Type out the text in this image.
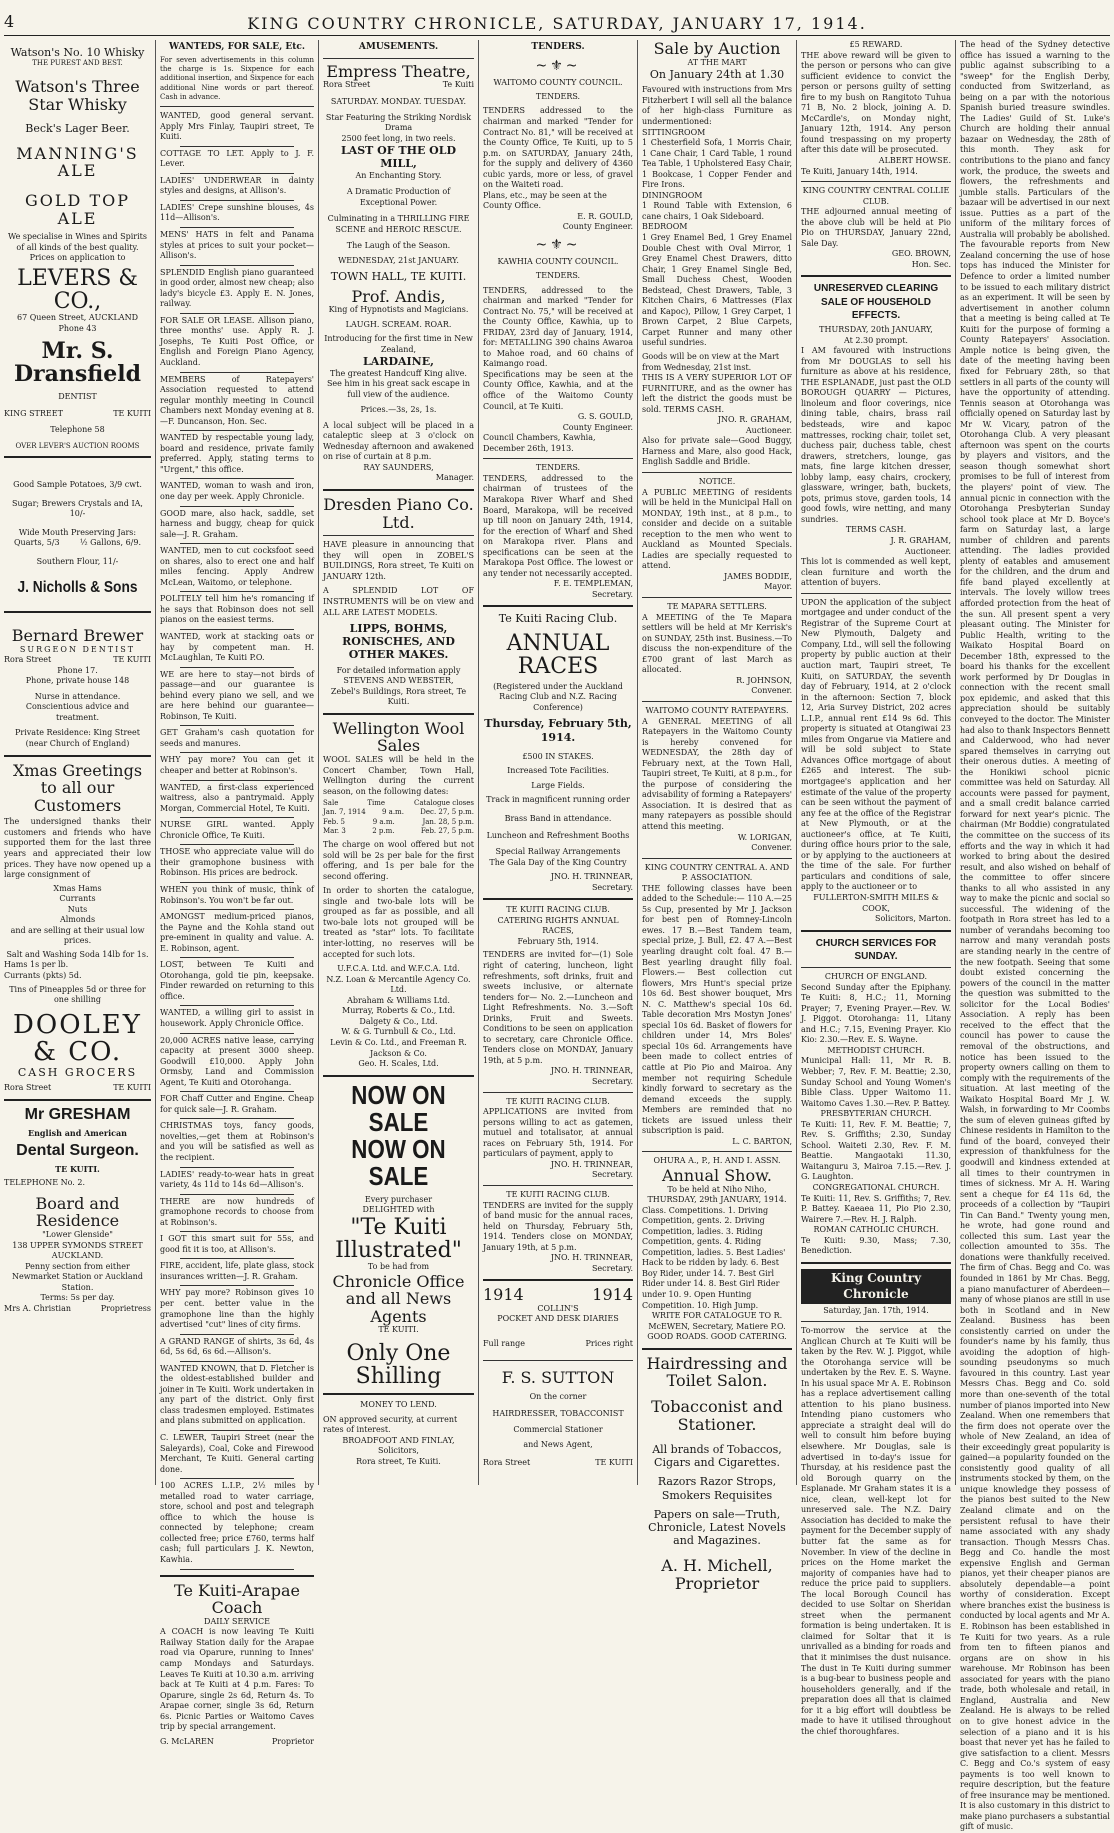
4	KING COUNTRY CHRONICLE, SATURDAY, JANUARY 17, 1914.
Watson's No. 10 Whisky
THE PUREST AND BEST.
Watson's Three Star Whisky
Beck's Lager Beer.
MANNING'S ALE
GOLD TOP ALE
We specialise in Wines and Spirits of all kinds of the best quality.
Prices on application to
LEVERS & CO.,
67 Queen Street, AUCKLAND
Phone 43
Mr. S. Dransfield
DENTIST
KING STREET	TE KUITI
Telephone 58
OVER LEVER'S AUCTION ROOMS
Good Sample Potatoes, 3/9 cwt.
Sugar; Brewers Crystals and IA, 10/-
Wide Mouth Preserving Jars:
Quarts, 5/3	½ Gallons, 6/9.
Southern Flour, 11/-
J. Nicholls & Sons
Bernard Brewer
SURGEON DENTIST
Rora Street	TE KUITI
Phone 17.
Phone, private house 148
Nurse in attendance.
Conscientious advice and treatment.
Private Residence: King Street (near Church of England)
Xmas Greetings to all our Customers
The undersigned thanks their customers and friends who have supported them for the last three years and appreciated their low prices. They have now opened up a large consignment of
Xmas Hams
Currants
Nuts
Almonds
and are selling at their usual low prices.
Salt and Washing Soda 14lb for 1s.
Hams 1s per lb.
Currants (pkts) 5d.
Tins of Pineapples 5d or three for one shilling
DOOLEY & CO.
CASH GROCERS
Rora Street	TE KUITI
Mr GRESHAM
English and American
Dental Surgeon.
TE KUITI.
TELEPHONE No. 2.
Board and Residence
"Lower Glenside"
138 UPPER SYMONDS STREET AUCKLAND.
Penny section from either Newmarket Station or Auckland Station.
Terms: 5s per day.
Mrs A. Christian	Proprietress
WANTEDS, FOR SALE, Etc.
For seven advertisements in this column the charge is 1s. Sixpence for each additional insertion, and Sixpence for each additional Nine words or part thereof. Cash in advance.

WANTED, good general servant. Apply Mrs Finlay, Taupiri street, Te Kuiti.

COTTAGE TO LET. Apply to J. F. Lever.

LADIES' UNDERWEAR in dainty styles and designs, at Allison's.

LADIES' Crepe sunshine blouses, 4s 11d—Allison's.

MENS' HATS in felt and Panama styles at prices to suit your pocket—Allison's.

SPLENDID English piano guaranteed in good order, almost new cheap; also lady's bicycle £3. Apply E. N. Jones, railway.

FOR SALE OR LEASE. Allison piano, three months' use. Apply R. J. Josephs, Te Kuiti Post Office, or English and Foreign Piano Agency, Auckland.

MEMBERS of Ratepayers' Association requested to attend regular monthly meeting in Council Chambers next Monday evening at 8.—F. Duncanson, Hon. Sec.

WANTED by respectable young lady, board and residence, private family preferred. Apply, stating terms to "Urgent," this office.

WANTED, woman to wash and iron, one day per week. Apply Chronicle.

GOOD mare, also hack, saddle, set harness and buggy, cheap for quick sale—J. R. Graham.

WANTED, men to cut cocksfoot seed on shares, also to erect one and half miles fencing. Apply Andrew McLean, Waitomo, or telephone.

POLITELY tell him he's romancing if he says that Robinson does not sell pianos on the easiest terms.

WANTED, work at stacking oats or hay by competent man. H. McLaughlan, Te Kuiti P.O.

WE are here to stay—not birds of passage—and our guarantee is behind every piano we sell, and we are here behind our guarantee—Robinson, Te Kuiti.

GET Graham's cash quotation for seeds and manures.

WHY pay more? You can get it cheaper and better at Robinson's.

WANTED, a first-class experienced waitress, also a pantrymaid. Apply Morgan, Commercial Hotel, Te Kuiti.

NURSE GIRL wanted. Apply Chronicle Office, Te Kuiti.

THOSE who appreciate value will do their gramophone business with Robinson. His prices are bedrock.

WHEN you think of music, think of Robinson's. You won't be far out.

AMONGST medium-priced pianos, the Payne and the Kohla stand out pre-eminent in quality and value. A. E. Robinson, agent.

LOST, between Te Kuiti and Otorohanga, gold tie pin, keepsake. Finder rewarded on returning to this office.

WANTED, a willing girl to assist in housework. Apply Chronicle Office.

20,000 ACRES native lease, carrying capacity at present 3000 sheep. Goodwill £10,000. Apply John Ormsby, Land and Commission Agent, Te Kuiti and Otorohanga.

FOR Chaff Cutter and Engine. Cheap for quick sale—J. R. Graham.

CHRISTMAS toys, fancy goods, novelties,—get them at Robinson's and you will be satisfied as well as the recipient.

LADIES' ready-to-wear hats in great variety, 4s 11d to 14s 6d—Allison's.

THERE are now hundreds of gramophone records to choose from at Robinson's.

I GOT this smart suit for 55s, and good fit it is too, at Allison's.

FIRE, accident, life, plate glass, stock insurances written—J. R. Graham.

WHY pay more? Robinson gives 10 per cent. better value in the gramophone line than the highly advertised "cut" lines of city firms.

A GRAND RANGE of shirts, 3s 6d, 4s 6d, 5s 6d, 6s 6d.—Allison's.

WANTED KNOWN, that D. Fletcher is the oldest-established builder and joiner in Te Kuiti. Work undertaken in any part of the district. Only first class tradesmen employed. Estimates and plans submitted on application.

C. LEWER, Taupiri Street (near the Saleyards), Coal, Coke and Firewood Merchant, Te Kuiti. General carting done.

100 ACRES L.I.P., 2½ miles by metalled road to water carriage, store, school and post and telegraph office to which the house is connected by telephone; cream collected free; price £760, terms half cash; full particulars J. K. Newton, Kawhia.

Te Kuiti-Arapae Coach
DAILY SERVICE
A COACH is now leaving Te Kuiti Railway Station daily for the Arapae road via Oparure, running to Innes' camp Mondays and Saturdays. Leaves Te Kuiti at 10.30 a.m. arriving back at Te Kuiti at 4 p.m. Fares: To Oparure, single 2s 6d, Return 4s. To Arapae corner, single 3s 6d, Return 6s. Picnic Parties or Waitomo Caves trip by special arrangement.
G. McLAREN	Proprietor
AMUSEMENTS.
Empress Theatre,
Rora Street	Te Kuiti
SATURDAY. MONDAY. TUESDAY.
Star Featuring the Striking Nordisk Drama
2500 feet long, in two reels.
LAST OF THE OLD MILL,
An Enchanting Story.
A Dramatic Production of Exceptional Power.
Culminating in a THRILLING FIRE SCENE and HEROIC RESCUE.
The Laugh of the Season.
WEDNESDAY, 21st JANUARY.
TOWN HALL, TE KUITI.
Prof. Andis,
King of Hypnotists and Magicians.
LAUGH. SCREAM. ROAR.
Introducing for the first time in New Zealand,
LARDAINE,
The greatest Handcuff King alive. See him in his great sack escape in full view of the audience.
Prices.—3s, 2s, 1s.
A local subject will be placed in a cataleptic sleep at 3 o'clock on Wednesday afternoon and awakened on rise of curtain at 8 p.m.
RAY SAUNDERS,
Manager.
Dresden Piano Co. Ltd.
HAVE pleasure in announcing that they will open in ZOBEL'S BUILDINGS, Rora street, Te Kuiti on JANUARY 12th.
A SPLENDID LOT OF INSTRUMENTS will be on view and ALL ARE LATEST MODELS.
LIPPS, BOHMS, RONISCHES, AND OTHER MAKES.
For detailed information apply
STEVENS AND WEBSTER,
Zebel's Buildings, Rora street, Te Kuiti.
Wellington Wool Sales
WOOL SALES will be held in the Concert Chamber, Town Hall, Wellington during the current season, on the following dates:
Sale	Time	Catalogue closes
Jan. 7, 1914 9 a.m. Dec. 27, 5 p.m.
Feb. 5	9 a.m.	Jan. 28, 5 p.m.
Mar. 3	2 p.m.	Feb. 27, 5 p.m.
The charge on wool offered but not sold will be 2s per bale for the first offering, and 1s per bale for the second offering.
In order to shorten the catalogue, single and two-bale lots will be grouped as far as possible, and all two-bale lots not grouped will be treated as "star" lots. To facilitate inter-lotting, no reserves will be accepted for such lots.
U.F.C.A. Ltd. and W.F.C.A. Ltd.
N.Z. Loan & Mercantile Agency Co. Ltd.
Abraham & Williams Ltd.
Murray, Roberts & Co., Ltd.
Dalgety & Co., Ltd.
W. & G. Turnbull & Co., Ltd.
Levin & Co. Ltd., and Freeman R. Jackson & Co.
Geo. H. Scales, Ltd.
NOW ON SALE
NOW ON SALE
Every purchaser
DELIGHTED with
"Te Kuiti
Illustrated"
To be had from
Chronicle Office
and all News Agents
TE KUITI.
Only One Shilling
MONEY TO LEND.
ON approved security, at current rates of interest.
BROADFOOT AND FINLAY,
Solicitors,
Rora street, Te Kuiti.
TENDERS.
~⚜~
WAITOMO COUNTY COUNCIL.
TENDERS.
TENDERS addressed to the chairman and marked "Tender for Contract No. 81," will be received at the County Office, Te Kuiti, up to 5 p.m. on SATURDAY, January 24th, for the supply and delivery of 4360 cubic yards, more or less, of gravel on the Waiteti road.
Plans, etc., may be seen at the County Office.
E. R. GOULD,
County Engineer.
~⚜~
KAWHIA COUNTY COUNCIL.
TENDERS.
TENDERS, addressed to the chairman and marked "Tender for Contract No. 75," will be received at the County Office, Kawhia, up to FRIDAY, 23rd day of January, 1914, for: METALLING 390 chains Awaroa to Mahoe road, and 60 chains of Kaimango road.
Specifications may be seen at the County Office, Kawhia, and at the office of the Waitomo County Council, at Te Kuiti.
G. S. GOULD,
County Engineer.
Council Chambers, Kawhia, December 26th, 1913.
TENDERS.
TENDERS, addressed to the chairman of trustees of the Marakopa River Wharf and Shed Board, Marakopa, will be received up till noon on January 24th, 1914, for the erection of Wharf and Shed on Marakopa river. Plans and specifications can be seen at the Marakopa Post Office. The lowest or any tender not necessarily accepted.
F. E. TEMPLEMAN,
Secretary.
Te Kuiti Racing Club.
ANNUAL RACES
(Registered under the Auckland Racing Club and N.Z. Racing Conference)
Thursday, February 5th, 1914.
£500 IN STAKES.
Increased Tote Facilities.
Large Fields.
Track in magnificent running order
Brass Band in attendance.
Luncheon and Refreshment Booths
Special Railway Arrangements
The Gala Day of the King Country
JNO. H. TRINNEAR,
Secretary.
TE KUITI RACING CLUB.
CATERING RIGHTS ANNUAL RACES,
February 5th, 1914.
TENDERS are invited for—(1) Sole right of catering, luncheon, light refreshments, soft drinks, fruit and sweets inclusive, or alternate tenders for— No. 2.—Luncheon and Light Refreshments. No. 3.—Soft Drinks, Fruit and Sweets. Conditions to be seen on application to secretary, care Chronicle Office. Tenders close on MONDAY, January 19th, at 5 p.m.
JNO. H. TRINNEAR,
Secretary.
TE KUITI RACING CLUB.
APPLICATIONS are invited from persons willing to act as gatemen, mutuel and totalisator, at annual races on February 5th, 1914. For particulars of payment, apply to
JNO. H. TRINNEAR,
Secretary.
TE KUITI RACING CLUB.
TENDERS are invited for the supply of band music for the annual races, held on Thursday, February 5th, 1914. Tenders close on MONDAY, January 19th, at 5 p.m.
JNO. H. TRINNEAR,
Secretary.
1914	1914
COLLIN'S
POCKET AND DESK DIARIES
Full range	Prices right
F. S. SUTTON
On the corner
HAIRDRESSER, TOBACCONIST
Commercial Stationer
and News Agent,
Rora Street	TE KUITI
Sale by Auction
AT THE MART
On January 24th at 1.30
Favoured with instructions from Mrs Fitzherbert I will sell all the balance of her high-class Furniture as undermentioned:
SITTINGROOM
1 Chesterfield Sofa, 1 Morris Chair, 1 Cane Chair, 1 Card Table, 1 round Tea Table, 1 Upholstered Easy Chair, 1 Bookcase, 1 Copper Fender and Fire Irons.
DININGROOM
1 Round Table with Extension, 6 cane chairs, 1 Oak Sideboard.
BEDROOM
1 Grey Enamel Bed, 1 Grey Enamel Double Chest with Oval Mirror, 1 Grey Enamel Chest Drawers, ditto Chair, 1 Grey Enamel Single Bed, Small Duchess Chest, Wooden Bedstead, Chest Drawers, Table, 3 Kitchen Chairs, 6 Mattresses (Flax and Kapoc), Pillow, 1 Grey Carpet, 1 Brown Carpet, 2 Blue Carpets, Carpet Runner and many other useful sundries.
Goods will be on view at the Mart from Wednesday, 21st inst.
THIS IS A VERY SUPERIOR LOT OF FURNITURE, and as the owner has left the district the goods must be sold. TERMS CASH.
JNO. R. GRAHAM,
Auctioneer.
Also for private sale—Good Buggy, Harness and Mare, also good Hack, English Saddle and Bridle.
NOTICE.
A PUBLIC MEETING of residents will be held in the Municipal Hall on MONDAY, 19th inst., at 8 p.m., to consider and decide on a suitable reception to the men who went to Auckland as Mounted Specials. Ladies are specially requested to attend.
JAMES BODDIE,
Mayor.
TE MAPARA SETTLERS.
A MEETING of the Te Mapara settlers will be held at Mr Kerrisk's on SUNDAY, 25th inst. Business.—To discuss the non-expenditure of the £700 grant of last March as allocated.
R. JOHNSON,
Convener.
WAITOMO COUNTY RATEPAYERS.
A GENERAL MEETING of all Ratepayers in the Waitomo County is hereby convened for WEDNESDAY, the 28th day of February next, at the Town Hall, Taupiri street, Te Kuiti, at 8 p.m., for the purpose of considering the advisability of forming a Ratepayers' Association. It is desired that as many ratepayers as possible should attend this meeting.
W. LORIGAN,
Convener.
KING COUNTRY CENTRAL A. AND P. ASSOCIATION.
THE following classes have been added to the Schedule:— 110 A.—25 5s Cup, presented by Mr J. Jackson for best pen of Romney-Lincoln ewes. 17 B.—Best Tandem team, special prize, J. Bull, £2. 47 A.—Best yearling draught colt foal. 47 B.—Best yearling draught filly foal. Flowers.— Best collection cut flowers, Mrs Hunt's special prize 10s 6d. Best shower bouquet, Mrs N. C. Matthew's special 10s 6d. Table decoration Mrs Mostyn Jones' special 10s 6d. Basket of flowers for children under 14, Mrs Boles' special 10s 6d. Arrangements have been made to collect entries of cattle at Pio Pio and Mairoa. Any member not requiring Schedule kindly forward to secretary as the demand exceeds the supply. Members are reminded that no tickets are issued unless their subscription is paid.
L. C. BARTON,
OHURA A., P., H. AND I. ASSN.
Annual Show.
To be held at Niho Niho, THURSDAY, 29th JANUARY, 1914.
Class. Competitions. 1. Driving Competition, gents. 2. Driving Competition, ladies. 3. Riding Competition, gents. 4. Riding Competition, ladies. 5. Best Ladies' Hack to be ridden by lady. 6. Best Boy Rider, under 14. 7. Best Girl Rider under 14. 8. Best Girl Rider under 10. 9. Open Hunting Competition. 10. High Jump.
WRITE FOR CATALOGUE TO R. McEWEN, Secretary, Matiere P.O.
GOOD ROADS. GOOD CATERING.
Hairdressing and Toilet Salon.
Tobacconist and Stationer.
All brands of Tobaccos, Cigars and Cigarettes.
Razors Razor Strops, Smokers Requisites
Papers on sale—Truth, Chronicle, Latest Novels and Magazines.
A. H. Michell, Proprietor
£5 REWARD.
THE above reward will be given to the person or persons who can give sufficient evidence to convict the person or persons guilty of setting fire to my bush on Rangitoto Tuhua 71 B, No. 2 block, joining A. D. McCardle's, on Monday night, January 12th, 1914. Any person found trespassing on my property after this date will be prosecuted.
ALBERT HOWSE.
Te Kuiti, January 14th, 1914.
KING COUNTRY CENTRAL COLLIE CLUB.
THE adjourned annual meeting of the above club will be held at Pio Pio on THURSDAY, January 22nd, Sale Day.
GEO. BROWN,
Hon. Sec.
UNRESERVED CLEARING SALE OF HOUSEHOLD EFFECTS.
THURSDAY, 20th JANUARY,
At 2.30 prompt.
I AM favoured with instructions from Mr DOUGLAS to sell his furniture as above at his residence, THE ESPLANADE, just past the OLD BOROUGH QUARRY — Pictures, linoleum and floor coverings, nice dining table, chairs, brass rail bedsteads, wire and kapoc mattresses, rocking chair, toilet set, duchess pair, duchess table, chest drawers, stretchers, lounge, gas mats, fine large kitchen dresser, lobby lamp, easy chairs, crockery, glassware, wringer, bath, buckets, pots, primus stove, garden tools, 14 good fowls, wire netting, and many sundries.
TERMS CASH.
J. R. GRAHAM,
Auctioneer.
This lot is commended as well kept, clean furniture and worth the attention of buyers.
UPON the application of the subject mortgagee and under conduct of the Registrar of the Supreme Court at New Plymouth, Dalgety and Company, Ltd., will sell the following property by public auction at their auction mart, Taupiri street, Te Kuiti, on SATURDAY, the seventh day of February, 1914, at 2 o'clock in the afternoon: Section 7, block 12, Aria Survey District, 202 acres L.I.P., annual rent £14 9s 6d. This property is situated at Otangiwai 23 miles from Ongarue via Matiere and will be sold subject to State Advances Office mortgage of about £265 and interest. The sub-mortgagee's application and her estimate of the value of the property can be seen without the payment of any fee at the office of the Registrar at New Plymouth, or at the auctioneer's office, at Te Kuiti, during office hours prior to the sale, or by applying to the auctioneers at the time of the sale. For further particulars and conditions of sale, apply to the auctioneer or to
FULLERTON-SMITH MILES & COOK,
Solicitors, Marton.
CHURCH SERVICES FOR SUNDAY.
CHURCH OF ENGLAND.
Second Sunday after the Epiphany. Te Kuiti: 8, H.C.; 11, Morning Prayer; 7, Evening Prayer.—Rev. W. J. Piggot. Otorohanga: 11, Litany and H.C.; 7.15, Evening Prayer. Kio Kio: 2.30.—Rev. E. S. Wayne.
METHODIST CHURCH.
Municipal Hall: 11, Mr R. B. Webber; 7, Rev. F. M. Beattie; 2.30, Sunday School and Young Women's Bible Class. Upper Waitomo 11. Waitomo Caves 1.30.—Rev. P. Battey.
PRESBYTERIAN CHURCH.
Te Kuiti: 11, Rev. F. M. Beattie; 7, Rev. S. Griffiths; 2.30, Sunday School. Waiteti 2.30, Rev. F. M. Beattie. Mangaotaki 11.30, Waitanguru 3, Mairoa 7.15.—Rev. J. G. Laughton.
CONGREGATIONAL CHURCH.
Te Kuiti: 11, Rev. S. Griffiths; 7, Rev. P. Battey. Kaeaea 11, Pio Pio 2.30, Wairere 7.—Rev. H. J. Ralph.
ROMAN CATHOLIC CHURCH.
Te Kuiti: 9.30, Mass; 7.30, Benediction.
King Country Chronicle
Saturday, Jan. 17th, 1914.
To-morrow the service at the Anglican Church at Te Kuiti will be taken by the Rev. W. J. Piggot, while the Otorohanga service will be undertaken by the Rev. E. S. Wayne. In his usual space Mr A. E. Robinson has a replace advertisement calling attention to his piano business. Intending piano customers who appreciate a straight deal will do well to consult him before buying elsewhere. Mr Douglas, sale is advertised in to-day's issue for Thursday, at his residence past the old Borough quarry on the Esplanade. Mr Graham states it is a nice, clean, well-kept lot for unreserved sale. The N.Z. Dairy Association has decided to make the payment for the December supply of butter fat the same as for November. In view of the decline in prices on the Home market the majority of companies have had to reduce the price paid to suppliers. The local Borough Council has decided to use Soltar on Sheridan street when the permanent formation is being undertaken. It is claimed for Soltar that it is unrivalled as a binding for roads and that it minimises the dust nuisance. The dust in Te Kuiti during summer is a bug-bear to business people and householders generally, and if the preparation does all that is claimed for it a big effort will doubtless be made to have it utilised throughout the chief thoroughfares.
The head of the Sydney detective office has issued a warning to the public against subscribing to a "sweep" for the English Derby, conducted from Switzerland, as being on a par with the notorious Spanish buried treasure swindles. The Ladies' Guild of St. Luke's Church are holding their annual bazaar on Wednesday, the 28th of this month. They ask for contributions to the piano and fancy work, the produce, the sweets and flowers, the refreshments and jumble stalls. Particulars of the bazaar will be advertised in our next issue. Putties as a part of the uniform of the military forces of Australia will probably be abolished. The favourable reports from New Zealand concerning the use of hose tops has induced the Minister for Defence to order a limited number to be issued to each military district as an experiment. It will be seen by advertisement in another column that a meeting is being called at Te Kuiti for the purpose of forming a County Ratepayers' Association. Ample notice is being given, the date of the meeting having been fixed for February 28th, so that settlers in all parts of the county will have the opportunity of attending. Tennis season at Otorohanga was officially opened on Saturday last by Mr W. Vicary, patron of the Otorohanga Club. A very pleasant afternoon was spent on the courts by players and visitors, and the season though somewhat short promises to be full of interest from the players' point of view. The annual picnic in connection with the Otorohanga Presbyterian Sunday school took place at Mr D. Boyce's farm on Saturday last, a large number of children and parents attending. The ladies provided plenty of eatables and amusement for the children, and the drum and fife band played excellently at intervals. The lovely willow trees afforded protection from the heat of the sun. All present spent a very pleasant outing. The Minister for Public Health, writing to the Waikato Hospital Board on December 18th, expressed to the board his thanks for the excellent work performed by Dr Douglas in connection with the recent small pox epidemic, and asked that this appreciation should be suitably conveyed to the doctor. The Minister had also to thank Inspectors Bennett and Calderwood, who had never spared themselves in carrying out their onerous duties. A meeting of the Honikiwi school picnic committee was held on Saturday. All accounts were passed for payment, and a small credit balance carried forward for next year's picnic. The chairman (Mr Boddie) congratulated the committee on the success of its efforts and the way in which it had worked to bring about the desired result, and also wished on behalf of the committee to offer sincere thanks to all who assisted in any way to make the picnic and social so successful. The widening of the footpath in Rora street has led to a number of verandahs becoming too narrow and many verandah posts are standing nearly in the centre of the new footpath. Seeing that some doubt existed concerning the powers of the council in the matter the question was submitted to the solicitor for the Local Bodies' Association. A reply has been received to the effect that the council has power to cause the removal of the obstructions, and notice has been issued to the property owners calling on them to comply with the requirements of the situation. At last meeting of the Waikato Hospital Board Mr J. W. Walsh, in forwarding to Mr Coombs the sum of eleven guineas gifted by Chinese residents in Hamilton to the fund of the board, conveyed their expression of thankfulness for the goodwill and kindness extended at all times to their countrymen in times of sickness. Mr A. H. Waring sent a cheque for £4 11s 6d, the proceeds of a collection by "Taupiri Tin Can Band." Twenty young men, he wrote, had gone round and collected this sum. Last year the collection amounted to 35s. The donations were thankfully received. The firm of Chas. Begg and Co. was founded in 1861 by Mr Chas. Begg, a piano manufacturer of Aberdeen—many of whose pianos are still in use both in Scotland and in New Zealand. Business has been consistently carried on under the founder's name by his family, thus avoiding the adoption of high-sounding pseudonyms so much favoured in this country. Last year Messrs Chas. Begg and Co. sold more than one-seventh of the total number of pianos imported into New Zealand. When one remembers that the firm does not operate over the whole of New Zealand, an idea of their exceedingly great popularity is gained—a popularity founded on the consistently good quality of all instruments stocked by them, on the unique knowledge they possess of the pianos best suited to the New Zealand climate and on the persistent refusal to have their name associated with any shady transaction. Though Messrs Chas. Begg and Co. handle the most expensive English and German pianos, yet their cheaper pianos are absolutely dependable—a point worthy of consideration. Except where branches exist the business is conducted by local agents and Mr A. E. Robinson has been established in Te Kuiti for two years. As a rule from ten to fifteen pianos and organs are on show in his warehouse. Mr Robinson has been associated for years with the piano trade, both wholesale and retail, in England, Australia and New Zealand. He is always to be relied on to give honest advice in the selection of a piano and it is his boast that never yet has he failed to give satisfaction to a client. Messrs C. Begg and Co.'s system of easy payments is too well known to require description, but the feature of free insurance may be mentioned. It is also customary in this district to make piano purchasers a substantial gift of music.
